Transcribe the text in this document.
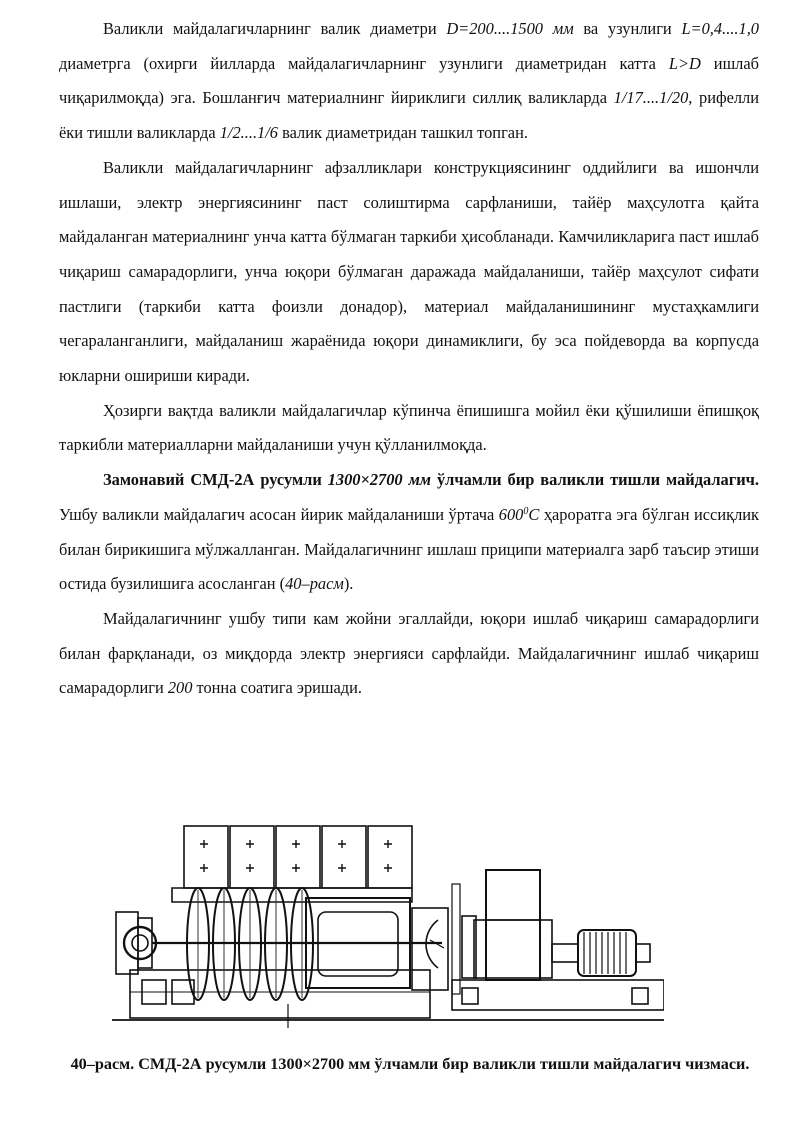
Валикли майдалагичларнинг валик диаметри D=200....1500 мм ва узунлиги L=0,4....1,0 диаметрга (охирги йилларда майдалагичларнинг узунлиги диаметридан катта L>D ишлаб чиқарилмоқда) эга. Бошланғич материалнинг йириклиги силлиқ валикларда 1/17....1/20, рифелли ёки тишли валикларда 1/2....1/6 валик диаметридан ташкил топган.

Валикли майдалагичларнинг афзалликлари конструкциясининг оддийлиги ва ишончли ишлаши, электр энергиясининг паст солиштирма сарфланиши, тайёр маҳсулотга қайта майдаланган материалнинг унча катта бўлмаган таркиби ҳисобланади. Камчиликларига паст ишлаб чиқариш самарадорлиги, унча юқори бўлмаган даражада майдаланиши, тайёр маҳсулот сифати пастлиги (таркиби катта фоизли донадор), материал майдаланишининг мустаҳкамлиги чегараланганлиги, майдаланиш жараёнида юқори динамиклиги, бу эса пойдеворда ва корпусда юкларни ошириши киради.

Ҳозирги вақтда валикли майдалагичлар кўпинча ёпишишга мойил ёки қўшилиши ёпишқоқ таркибли материалларни майдаланиши учун қўлланилмоқда.

Замонавий СМД-2А русумли 1300×2700 мм ўлчамли бир валикли тишли майдалагич. Ушбу валикли майдалагич асосан йирик майдаланиши ўртача $600^0C$ ҳароратга эга бўлган иссиқлик билан бирикишига мўлжалланган. Майдалагичнинг ишлаш приципи материалга зарб таъсир этиши остида бузилишига асосланган (40–расм).

Майдалагичнинг ушбу типи кам жойни эгаллайди, юқори ишлаб чиқариш самарадорлиги билан фарқланади, оз миқдорда электр энергияси сарфлайди. Майдалагичнинг ишлаб чиқариш самарадорлиги 200 тонна соатига эришади.

40–расм. СМД-2А русумли 1300×2700 мм ўлчамли бир валикли тишли майдалагич чизмаси.
